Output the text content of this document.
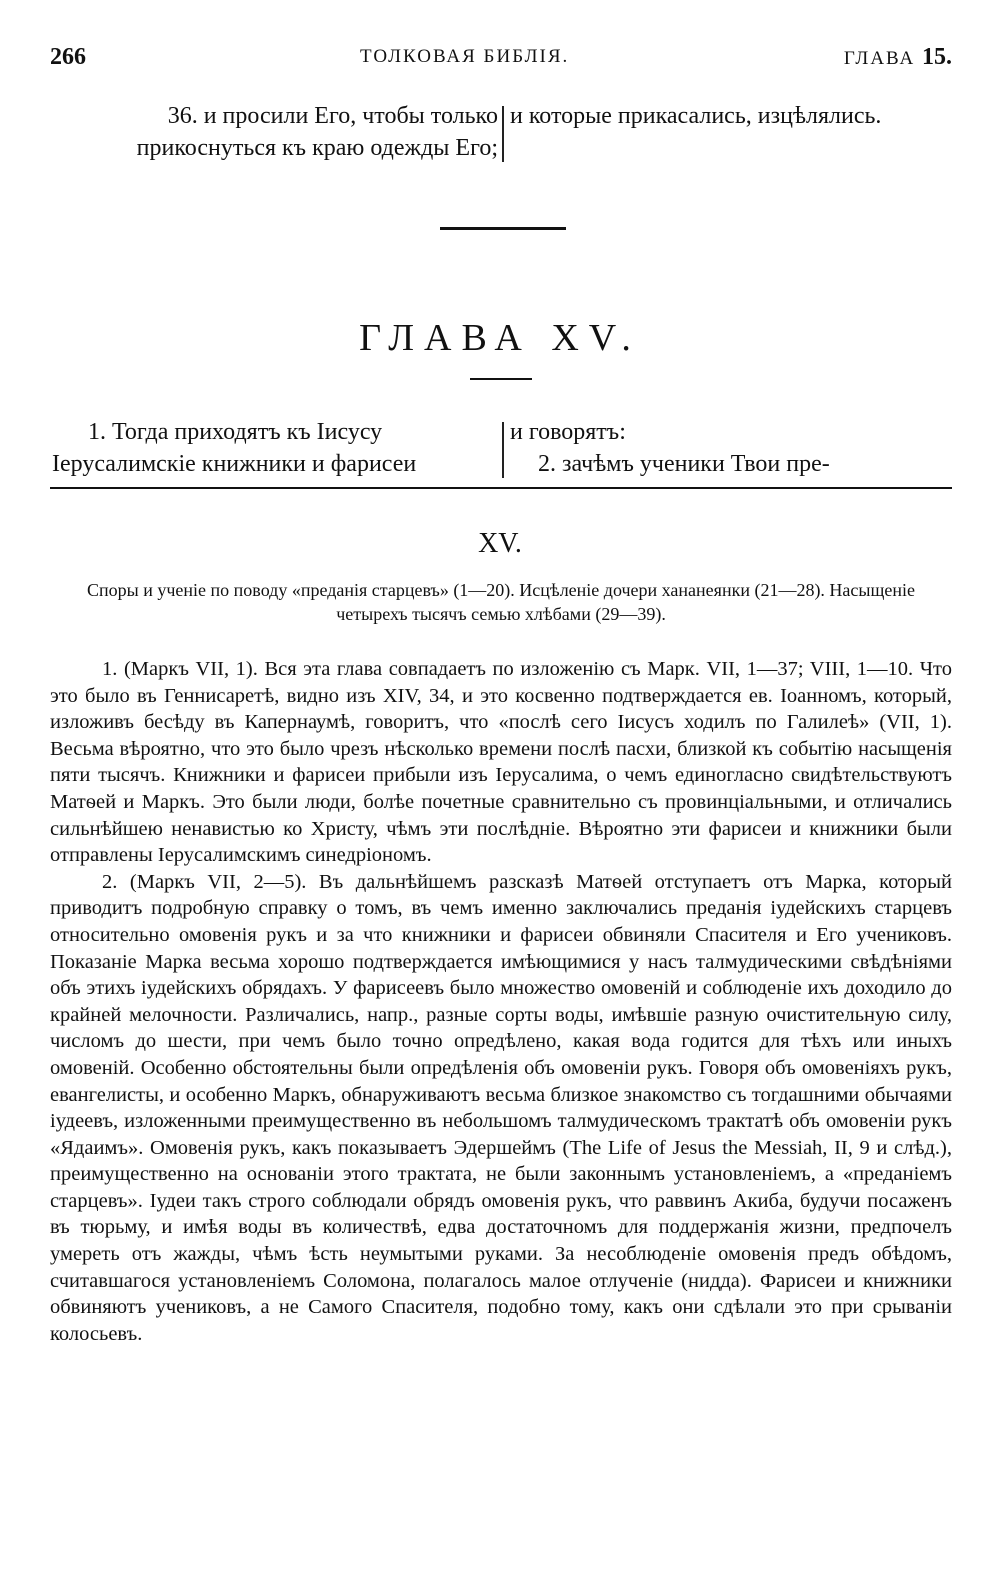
266	ТОЛКОВАЯ БИБЛІЯ.	ГЛАВА 15.
36. и просили Его, чтобы только
прикоснуться къ краю одежды Его;
и которые прикасались, изцѣлялись.
ГЛАВА XV.
1. Тогда приходятъ къ Іисусу
Іерусалимскіе книжники и фарисеи
и говорятъ:
2. зачѣмъ ученики Твои пре-
XV.
Споры и ученіе по поводу «преданія старцевъ» (1—20). Исцѣленіе дочери хананеянки (21—28). Насыщеніе четырехъ тысячъ семью хлѣбами (29—39).

1. (Маркъ VII, 1). Вся эта глава совпадаетъ по изложенію съ Марк. VII, 1—37; VIII, 1—10. Что это было въ Геннисаретѣ, видно изъ XIV, 34, и это косвенно подтверждается ев. Іоанномъ, который, изложивъ бесѣду въ Капернаумѣ, говоритъ, что «послѣ сего Іисусъ ходилъ по Галилеѣ» (VII, 1). Весьма вѣроятно, что это было чрезъ нѣсколько времени послѣ пасхи, близкой къ событію насыщенія пяти тысячъ. Книжники и фарисеи прибыли изъ Іерусалима, о чемъ единогласно свидѣтельствуютъ Матѳей и Маркъ. Это были люди, болѣе почетные сравнительно съ провинціальными, и отличались сильнѣйшею ненавистью ко Христу, чѣмъ эти послѣдніе. Вѣроятно эти фарисеи и книжники были отправлены Іерусалимскимъ синедріономъ.

2. (Маркъ VII, 2—5). Въ дальнѣйшемъ разсказѣ Матѳей отступаетъ отъ Марка, который приводитъ подробную справку о томъ, въ чемъ именно заключались преданія іудейскихъ старцевъ относительно омовенія рукъ и за что книжники и фарисеи обвиняли Спасителя и Его учениковъ. Показаніе Марка весьма хорошо подтверждается имѣющимися у насъ талмудическими свѣдѣніями объ этихъ іудейскихъ обрядахъ. У фарисеевъ было множество омовеній и соблюденіе ихъ доходило до крайней мелочности. Различались, напр., разные сорты воды, имѣвшіе разную очистительную силу, числомъ до шести, при чемъ было точно опредѣлено, какая вода годится для тѣхъ или иныхъ омовеній. Особенно обстоятельны были опредѣленія объ омовеніи рукъ. Говоря объ омовеніяхъ рукъ, евангелисты, и особенно Маркъ, обнаруживаютъ весьма близкое знакомство съ тогдашними обычаями іудеевъ, изложенными преимущественно въ небольшомъ талмудическомъ трактатѣ объ омовеніи рукъ «Ядаимъ». Омовенія рукъ, какъ показываетъ Эдершеймъ (The Life of Jesus the Messiah, II, 9 и слѣд.), преимущественно на основаніи этого трактата, не были законнымъ установленіемъ, а «преданіемъ старцевъ». Іудеи такъ строго соблюдали обрядъ омовенія рукъ, что раввинъ Акиба, будучи посаженъ въ тюрьму, и имѣя воды въ количествѣ, едва достаточномъ для поддержанія жизни, предпочелъ умереть отъ жажды, чѣмъ ѣсть неумытыми руками. За несоблюденіе омовенія предъ обѣдомъ, считавшагося установленіемъ Соломона, полагалось малое отлученіе (нидда). Фарисеи и книжники обвиняютъ учениковъ, а не Самого Спасителя, подобно тому, какъ они сдѣлали это при срываніи колосьевъ.
